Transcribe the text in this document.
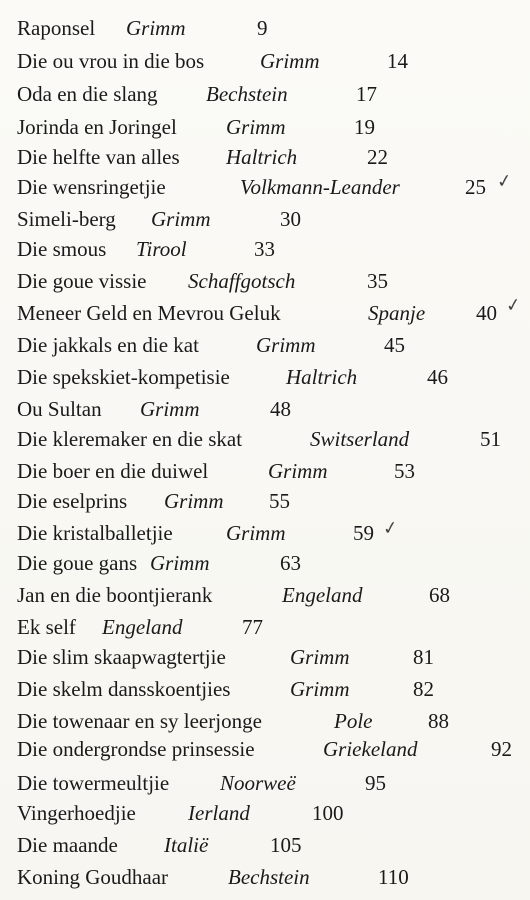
Raponsel Grimm	9
Die ou vrou in die bos	Grimm	14
Oda en die slang Bechstein	17
Jorinda en Joringel Grimm	19
Die helfte van alles Haltrich	22
Die wensringetjie	Volkmann-Leander	25 ✓
Simeli-berg Grimm	30
Die smous Tirool	33
Die goue vissie Schaffgotsch	35
Meneer Geld en Mevrou Geluk	Spanje 40 ✓
Die jakkals en die kat	Grimm	45
Die spekskiet-kompetisie	Haltrich	46
Ou Sultan Grimm	48
Die kleremaker en die skat	Switserland	51
Die boer en die duiwel	Grimm	53
Die eselprins Grimm 55
Die kristalballetjie	Grimm	59 ✓
Die goue gans Grimm	63
Jan en die boontjierank	Engeland	68
Ek self Engeland	77
Die slim skaapwagtertjie	Grimm	81
Die skelm dansskoentjies	Grimm	82
Die towenaar en sy leerjonge	Pole	88
Die ondergrondse prinsessie	Griekeland	92
Die towermeultjie Noorweë	95
Vingerhoedjie Ierland	100
Die maande Italië	105
Koning Goudhaar	Bechstein	110
